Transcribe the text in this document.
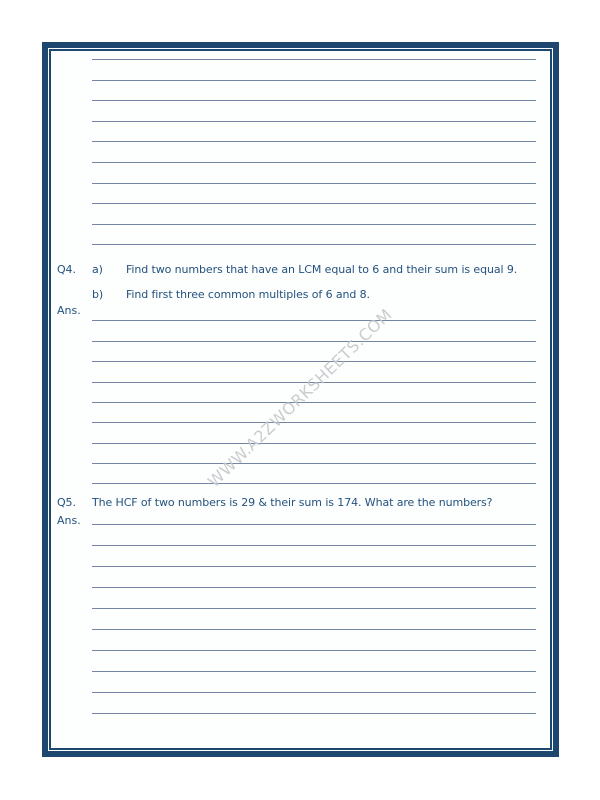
Q4.	a)	Find two numbers that have an LCM equal to 6 and their sum is equal 9.
b)	Find first three common multiples of 6 and 8.
Ans.
Q5.	The HCF of two numbers is 29 & their sum is 174. What are the numbers?
Ans.
WWW.A2ZWORKSHEETS.COM
